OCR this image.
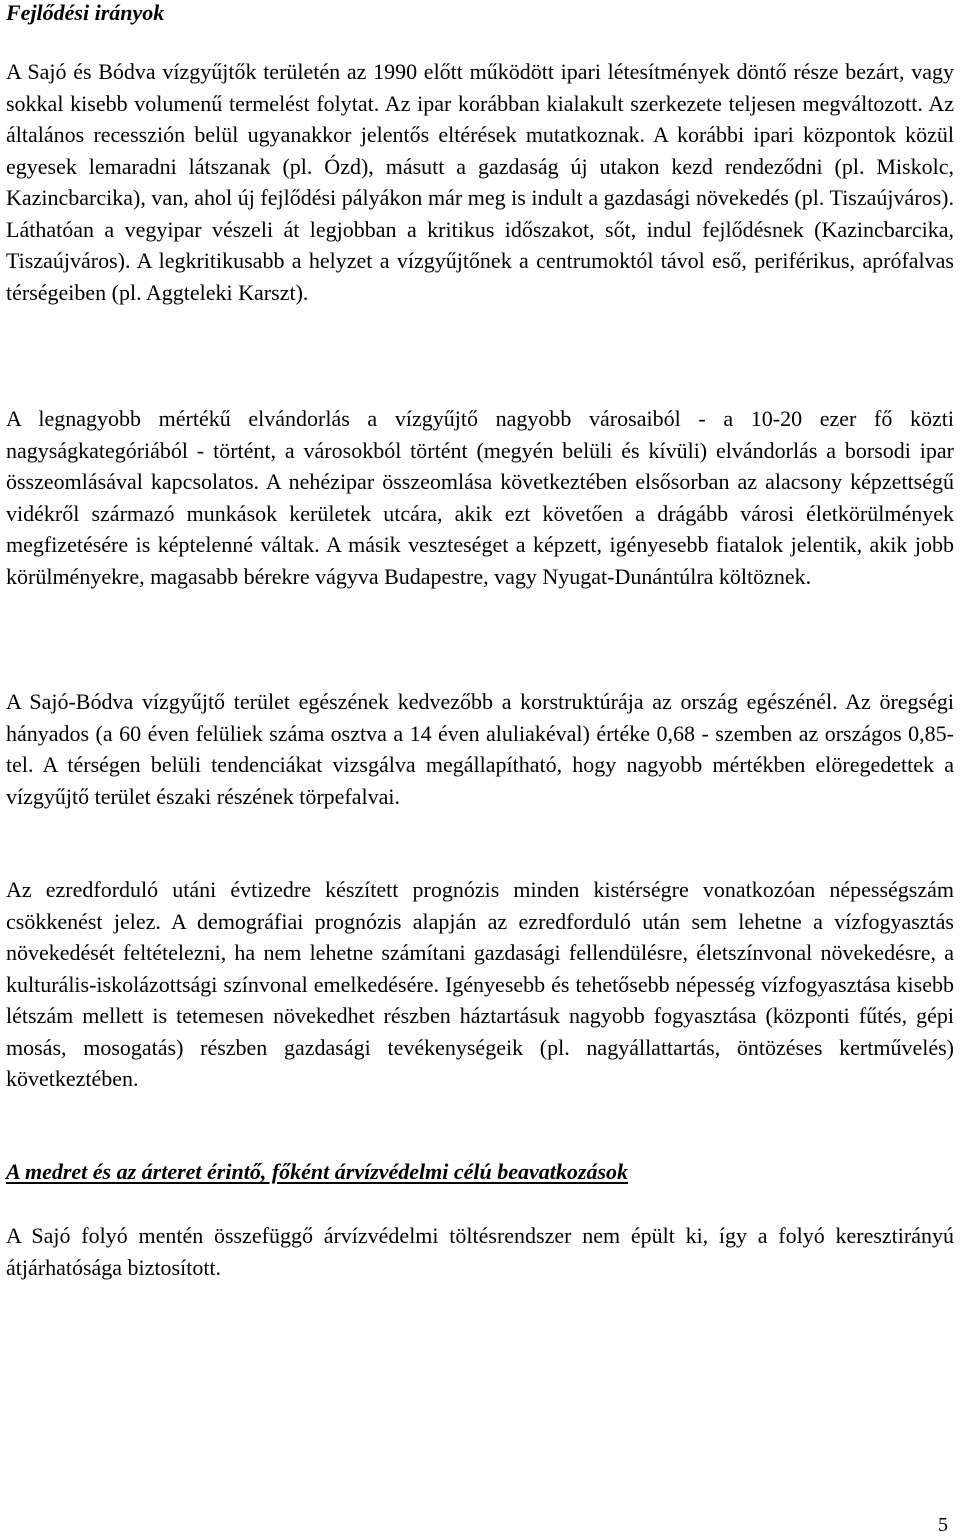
Fejlődési irányok

A Sajó és Bódva vízgyűjtők területén az 1990 előtt működött ipari létesítmények döntő része bezárt, vagy sokkal kisebb volumenű termelést folytat. Az ipar korábban kialakult szerkezete teljesen megváltozott. Az általános recesszión belül ugyanakkor jelentős eltérések mutatkoznak. A korábbi ipari központok közül egyesek lemaradni látszanak (pl. Ózd), másutt a gazdaság új utakon kezd rendeződni (pl. Miskolc, Kazincbarcika), van, ahol új fejlődési pályákon már meg is indult a gazdasági növekedés (pl. Tiszaújváros). Láthatóan a vegyipar vészeli át legjobban a kritikus időszakot, sőt, indul fejlődésnek (Kazincbarcika, Tiszaújváros). A legkritikusabb a helyzet a vízgyűjtőnek a centrumoktól távol eső, periférikus, aprófalvas térségeiben (pl. Aggteleki Karszt).

A legnagyobb mértékű elvándorlás a vízgyűjtő nagyobb városaiból - a 10-20 ezer fő közti nagyságkategóriából - történt, a városokból történt (megyén belüli és kívüli) elvándorlás a borsodi ipar összeomlásával kapcsolatos. A nehézipar összeomlása következtében elsősorban az alacsony képzettségű vidékről származó munkások kerületek utcára, akik ezt követően a drágább városi életkörülmények megfizetésére is képtelenné váltak. A másik veszteséget a képzett, igényesebb fiatalok jelentik, akik jobb körülményekre, magasabb bérekre vágyva Budapestre, vagy Nyugat-Dunántúlra költöznek.

A Sajó-Bódva vízgyűjtő terület egészének kedvezőbb a korstruktúrája az ország egészénél. Az öregségi hányados (a 60 éven felüliek száma osztva a 14 éven aluliakéval) értéke 0,68 - szemben az országos 0,85-tel. A térségen belüli tendenciákat vizsgálva megállapítható, hogy nagyobb mértékben elöregedettek a vízgyűjtő terület északi részének törpefalvai.

Az ezredforduló utáni évtizedre készített prognózis minden kistérségre vonatkozóan népességszám csökkenést jelez. A demográfiai prognózis alapján az ezredforduló után sem lehetne a vízfogyasztás növekedését feltételezni, ha nem lehetne számítani gazdasági fellendülésre, életszínvonal növekedésre, a kulturális-iskolázottsági színvonal emelkedésére. Igényesebb és tehetősebb népesség vízfogyasztása kisebb létszám mellett is tetemesen növekedhet részben háztartásuk nagyobb fogyasztása (központi fűtés, gépi mosás, mosogatás) részben gazdasági tevékenységeik (pl. nagyállattartás, öntözéses kertművelés) következtében.

A medret és az árteret érintő, főként árvízvédelmi célú beavatkozások

A Sajó folyó mentén összefüggő árvízvédelmi töltésrendszer nem épült ki, így a folyó keresztirányú átjárhatósága biztosított.

5
